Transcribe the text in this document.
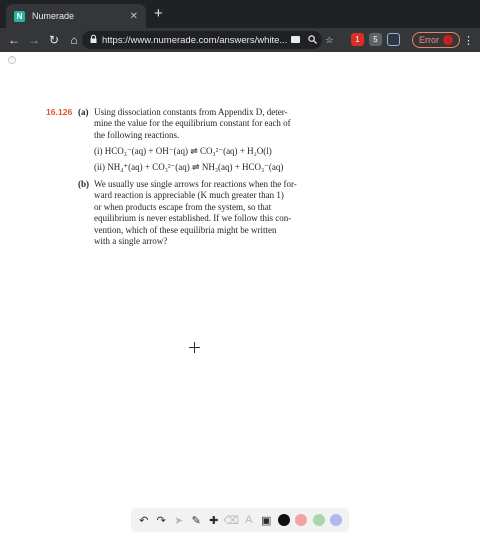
N Numerade	✕ +
← → ↻ ⌂	https://www.numerade.com/answers/white...	☆	1	5	Error ⋮
!
16.126 (a) Using dissociation constants from Appendix D, deter-
mine the value for the equilibrium constant for each of
the following reactions.
(i) HCO₃⁻(aq) + OH⁻(aq) ⇌ CO₃²⁻(aq) + H₂O(l)
(ii) NH₄⁺(aq) + CO₃²⁻(aq) ⇌ NH₃(aq) + HCO₃⁻(aq)
(b) We usually use single arrows for reactions when the for-
ward reaction is appreciable (K much greater than 1)
or when products escape from the system, so that
equilibrium is never established. If we follow this con-
vention, which of these equilibria might be written
with a single arrow?
↶ ↷ ➤ ✎ ✚ ⌫ A ▣
